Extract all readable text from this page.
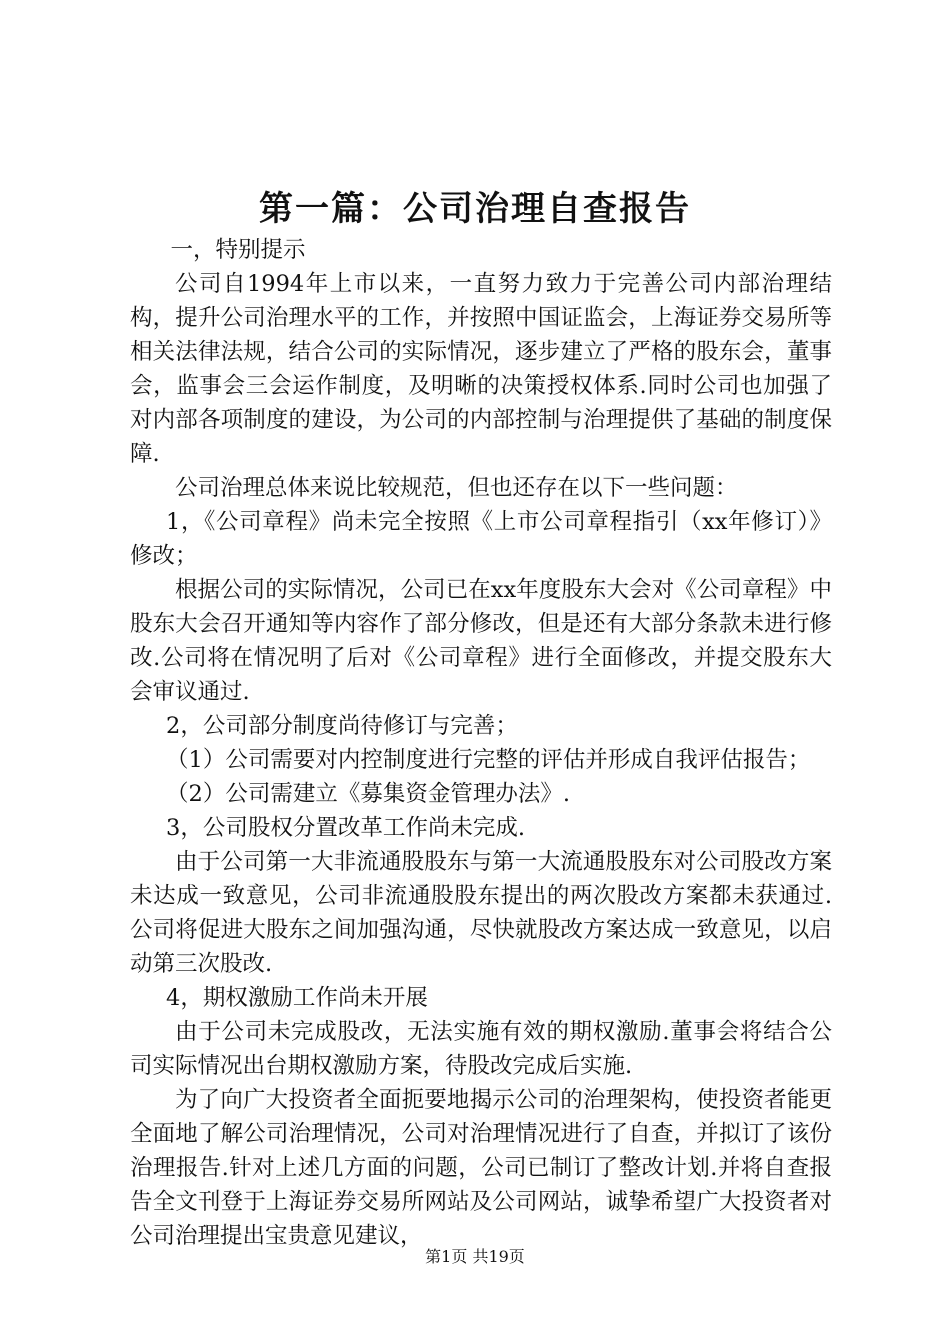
第一篇：公司治理自查报告

一，特别提示

公司自1994年上市以来，一直努力致力于完善公司内部治理结构，提升公司治理水平的工作，并按照中国证监会，上海证券交易所等相关法律法规，结合公司的实际情况，逐步建立了严格的股东会，董事会，监事会三会运作制度，及明晰的决策授权体系.同时公司也加强了对内部各项制度的建设，为公司的内部控制与治理提供了基础的制度保障.

公司治理总体来说比较规范，但也还存在以下一些问题：

1，《公司章程》尚未完全按照《上市公司章程指引（xx年修订）》修改；

根据公司的实际情况，公司已在xx年度股东大会对《公司章程》中股东大会召开通知等内容作了部分修改，但是还有大部分条款未进行修改.公司将在情况明了后对《公司章程》进行全面修改，并提交股东大会审议通过.

2，公司部分制度尚待修订与完善；

（1）公司需要对内控制度进行完整的评估并形成自我评估报告；

（2）公司需建立《募集资金管理办法》.

3，公司股权分置改革工作尚未完成.

由于公司第一大非流通股股东与第一大流通股股东对公司股改方案未达成一致意见，公司非流通股股东提出的两次股改方案都未获通过.公司将促进大股东之间加强沟通，尽快就股改方案达成一致意见，以启动第三次股改.

4，期权激励工作尚未开展

由于公司未完成股改，无法实施有效的期权激励.董事会将结合公司实际情况出台期权激励方案，待股改完成后实施.

为了向广大投资者全面扼要地揭示公司的治理架构，使投资者能更全面地了解公司治理情况，公司对治理情况进行了自查，并拟订了该份治理报告.针对上述几方面的问题，公司已制订了整改计划.并将自查报告全文刊登于上海证券交易所网站及公司网站，诚挚希望广大投资者对公司治理提出宝贵意见建议，

第1页 共19页
